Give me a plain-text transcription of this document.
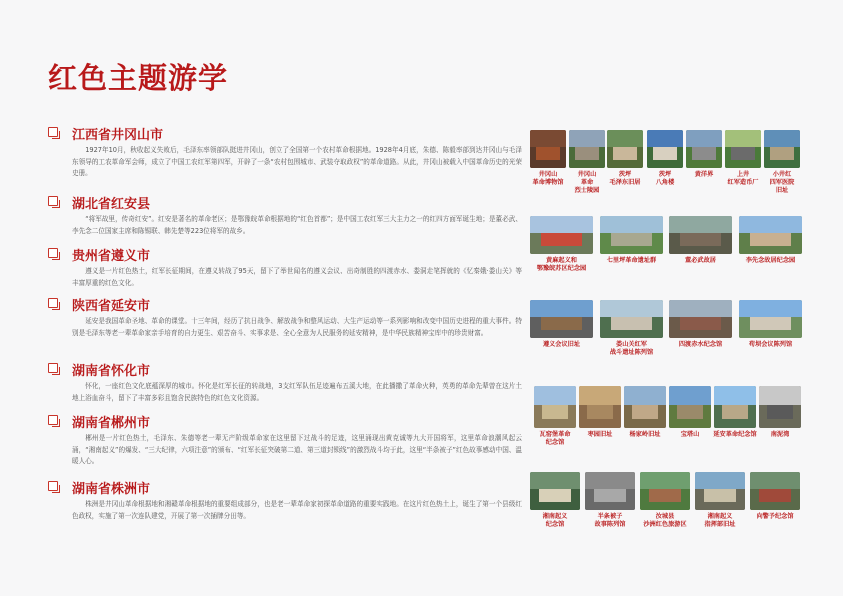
红色主题游学
江西省井冈山市
1927年10月，秋收起义失败后，毛泽东率领部队挺进井冈山，创立了全国第一个农村革命根据地。1928年4月底，朱德、陈毅率部到达井冈山与毛泽东领导的工农革命军会师，成立了中国工农红军第四军，开辟了一条“农村包围城市、武装夺取政权”的革命道路。从此，井冈山被载入中国革命历史的光荣史册。
湖北省红安县
“将军故里，传奇红安”。红安是著名的革命老区；是鄂豫皖革命根据地的“红色首都”；是中国工农红军三大主力之一的红四方面军诞生地；是董必武、李先念二位国家主席和陈锡联、韩先楚等223位将军的故乡。
贵州省遵义市
遵义是一片红色热土，红军长征期间，在遵义转战了95天，留下了举世闻名的遵义会议、出奇制胜的四渡赤水、娄洞走笔挥就的《忆秦娥·娄山关》等丰富厚重的红色文化。
陕西省延安市
延安是我国革命圣地、革命的课堂。十三年间，经历了抗日战争、解放战争和整风运动、大生产运动等一系列影响和改变中国历史进程的重大事件。特别是毛泽东等老一辈革命家亲手培育的自力更生、艰苦奋斗、实事求是、全心全意为人民服务的延安精神，是中华民族精神宝库中的珍贵财富。
湖南省怀化市
怀化，一座红色文化底蕴深厚的城市。怀化是红军长征的转战地，3支红军队伍足迹遍布五溪大地，在此播撒了革命火种，英勇的革命先辈曾在这片土地上浴血奋斗，留下了丰富多彩且饱含民族特色的红色文化资源。
湖南省郴州市
郴州是一片红色热土，毛泽东、朱德等老一辈无产阶级革命家在这里留下过战斗的足迹，这里涌现出黄克诚等九大开国将军，这里革命浪潮风起云涌，“湘南起义”的爆发、“三大纪律，六项注意”的颁布、“红军长征突破第二道、第三道封锁线”的激烈战斗均于此，这里“半条被子”红色故事感动中国、温暖人心。
湖南省株洲市
株洲是井冈山革命根据地和湘赣革命根据地的重要组成部分，也是老一辈革命家初探革命道路的重要实践地。在这片红色热土上，诞生了第一个县级红色政权，实施了第一次连队建党，开展了第一次插牌分田等。
井冈山
革命博物馆
井冈山
革命
烈士陵园
茨坪
毛泽东旧居
茨坪
八角楼
黄洋界	上井
红军造币厂
小井红
四军医院
旧址
黄麻起义和
鄂豫皖苏区纪念园
七里坪革命遗址群	董必武故居	李先念故居纪念园
遵义会议旧址	娄山关红军
战斗遗址陈列馆
四渡赤水纪念馆	苟坝会议陈列馆
瓦窑堡革命
纪念馆
枣园旧址	杨家岭旧址	宝塔山	延安革命纪念馆	南泥湾
湘南起义
纪念馆
半条被子
故事陈列馆
汝城县
沙洲红色旅游区
湘南起义
指挥部旧址
向警予纪念馆
